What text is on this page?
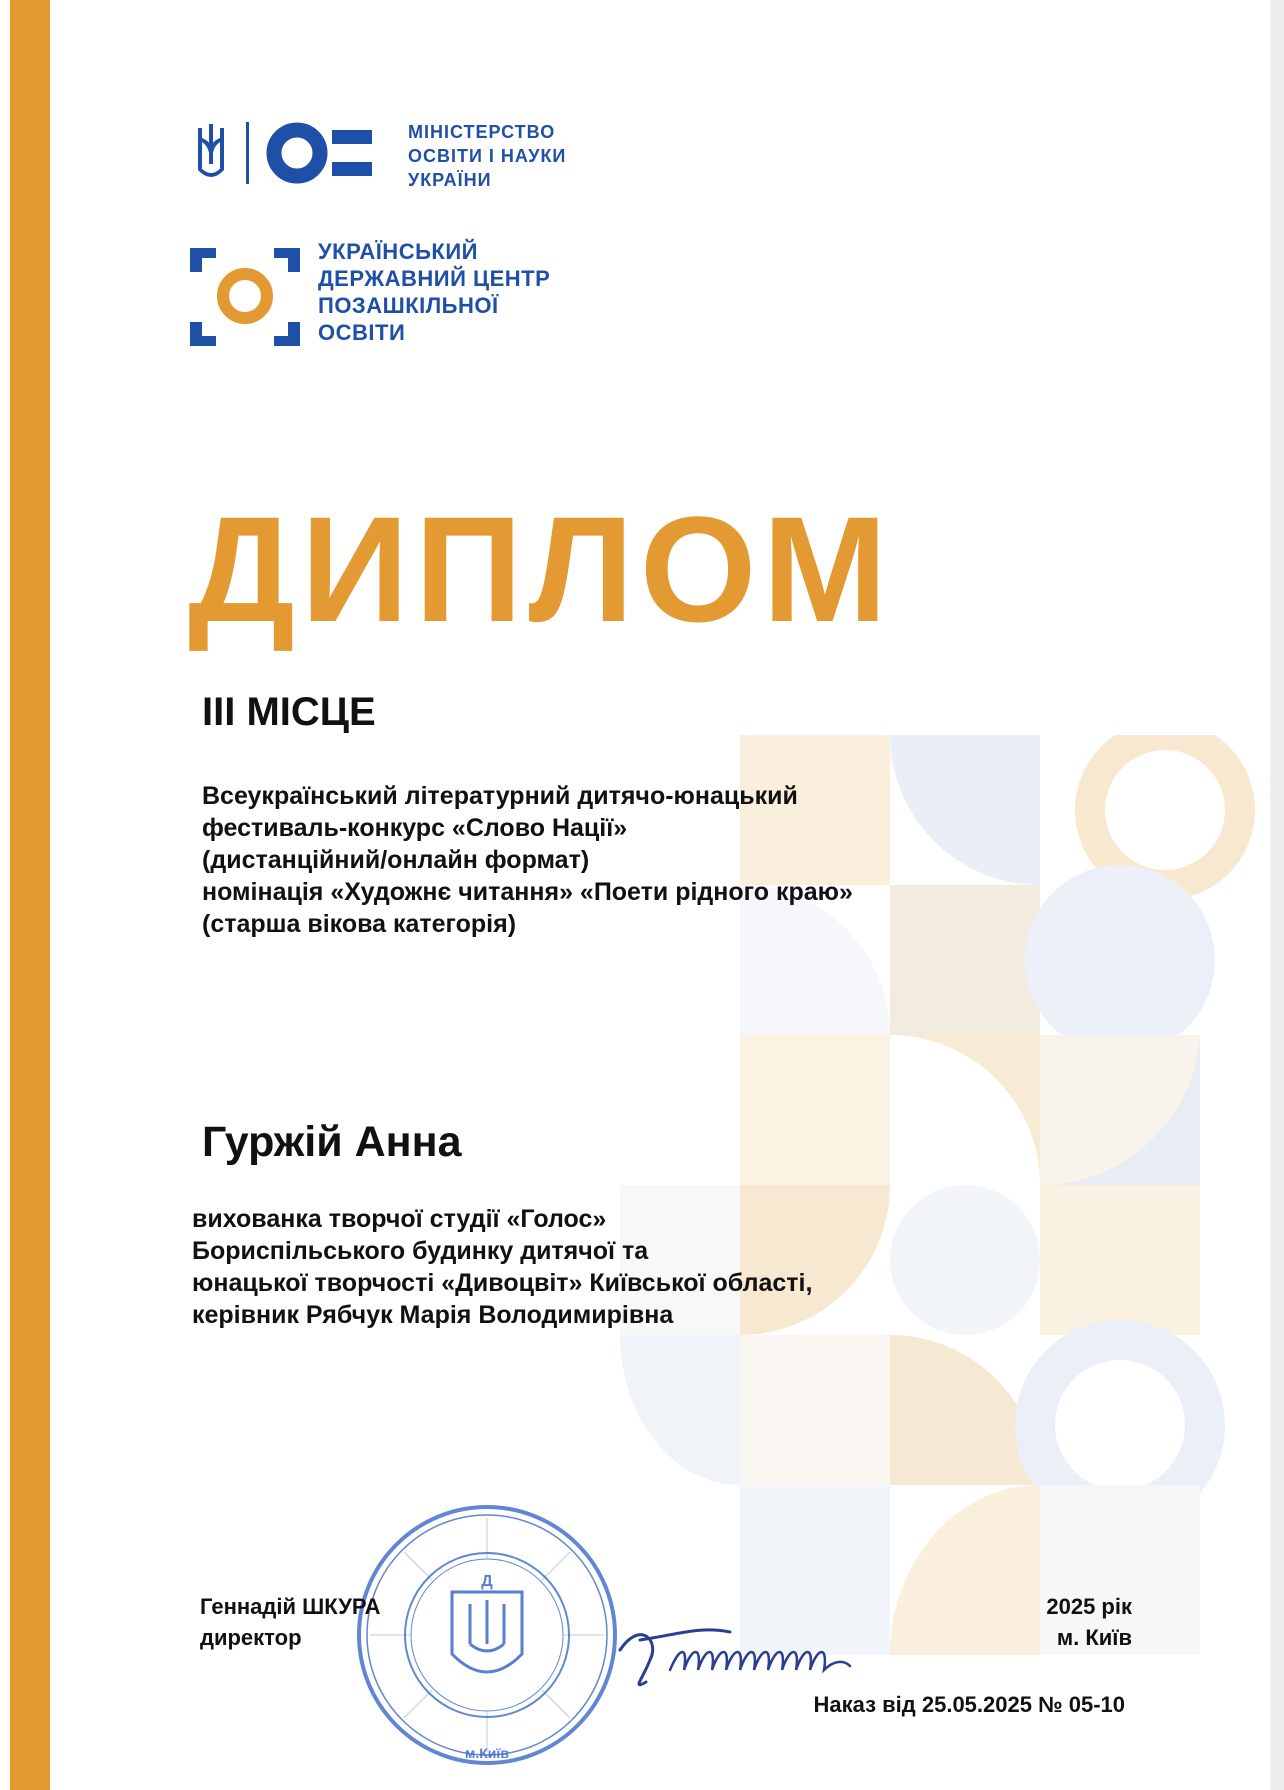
МІНІСТЕРСТВО
ОСВІТИ І НАУКИ
УКРАЇНИ
УКРАЇНСЬКИЙ
ДЕРЖАВНИЙ ЦЕНТР
ПОЗАШКІЛЬНОЇ
ОСВІТИ
ДИПЛОМ
III МІСЦЕ
Всеукраїнський літературний дитячо-юнацький
фестиваль-конкурс «Слово Нації»
(дистанційний/онлайн формат)
номінація «Художнє читання» «Поети рідного краю»
(старша вікова категорія)
Гуржій Анна
вихованка творчої студії «Голос»
Бориспільського будинку дитячої та
юнацької творчості «Дивоцвіт» Київської області,
керівник Рябчук Марія Володимирівна
Д
м.Київ
Геннадій ШКУРА
директор
2025 рік
м. Київ
Наказ від 25.05.2025 № 05-10
